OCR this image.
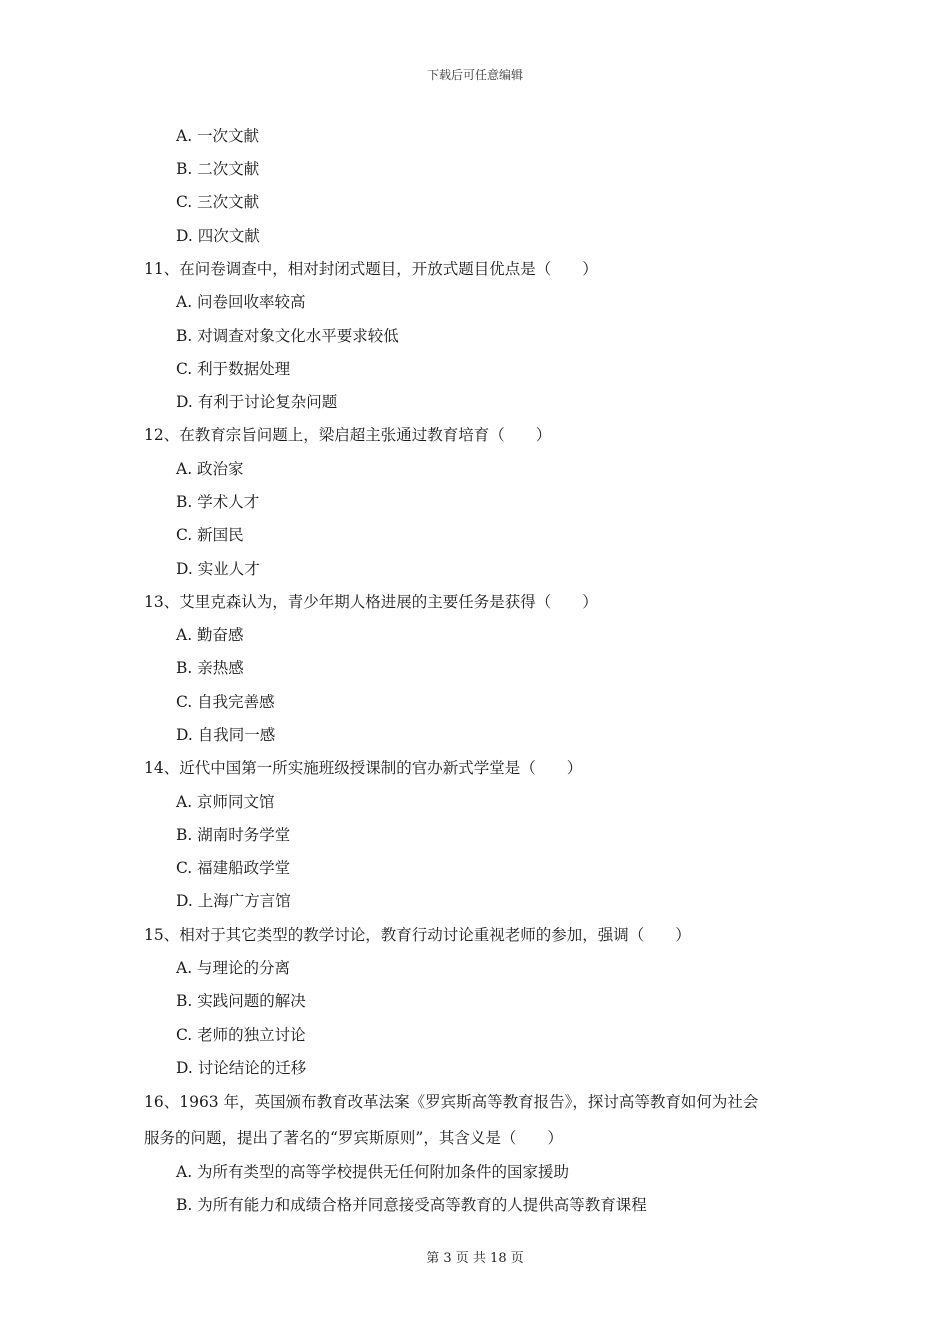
下载后可任意编辑
A. 一次文献
B. 二次文献
C. 三次文献
D. 四次文献
11、在问卷调查中，相对封闭式题目，开放式题目优点是（　　）
A. 问卷回收率较高
B. 对调查对象文化水平要求较低
C. 利于数据处理
D. 有利于讨论复杂问题
12、在教育宗旨问题上，梁启超主张通过教育培育（　　）
A. 政治家
B. 学术人才
C. 新国民
D. 实业人才
13、艾里克森认为，青少年期人格进展的主要任务是获得（　　）
A. 勤奋感
B. 亲热感
C. 自我完善感
D. 自我同一感
14、近代中国第一所实施班级授课制的官办新式学堂是（　　）
A. 京师同文馆
B. 湖南时务学堂
C. 福建船政学堂
D. 上海广方言馆
15、相对于其它类型的教学讨论，教育行动讨论重视老师的参加，强调（　　）
A. 与理论的分离
B. 实践问题的解决
C. 老师的独立讨论
D. 讨论结论的迁移
16、1963 年，英国颁布教育改革法案《罗宾斯高等教育报告》，探讨高等教育如何为社会
服务的问题，提出了著名的“罗宾斯原则”，其含义是（　　）
A. 为所有类型的高等学校提供无任何附加条件的国家援助
B. 为所有能力和成绩合格并同意接受高等教育的人提供高等教育课程
第 3 页 共 18 页
